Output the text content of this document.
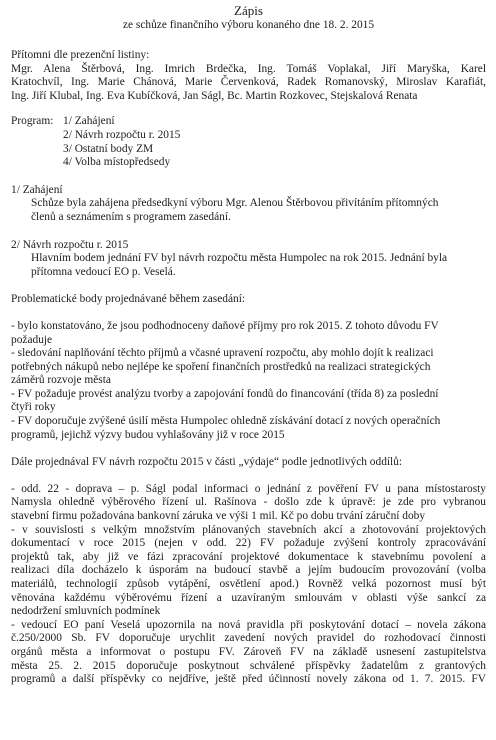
Zápis
ze schůze finančního výboru konaného dne 18. 2. 2015

Přítomni dle prezenční listiny:

Mgr. Alena Štěrbová, Ing. Imrich Brdečka, Ing. Tomáš Voplakal, Jiří Maryška, Karel

Kratochvíl, Ing. Marie Chánová, Marie Červenková, Radek Romanovský, Miroslav Karafiát,

Ing. Jiří Klubal, Ing. Eva Kubíčková, Jan Ságl, Bc. Martin Rozkovec, Stejskalová Renata

Program: 1/ Zahájení
2/ Návrh rozpočtu r. 2015
3/ Ostatní body ZM
4/ Volba místopředsedy

1/ Zahájení

Schůze byla zahájena předsedkyní výboru Mgr. Alenou Štěrbovou přivítáním přítomných

členů a seznámením s programem zasedání.

2/ Návrh rozpočtu r. 2015

Hlavním bodem jednání FV byl návrh rozpočtu města Humpolec na rok 2015. Jednání byla

přítomna vedoucí EO p. Veselá.

Problematické body projednávané během zasedání:

- bylo konstatováno, že jsou podhodnoceny daňové příjmy pro rok 2015. Z tohoto důvodu FV

požaduje

- sledování naplňování těchto příjmů a včasné upravení rozpočtu, aby mohlo dojít k realizaci

potřebných nákupů nebo nejlépe ke spoření finančních prostředků na realizaci strategických

záměrů rozvoje města

- FV požaduje provést analýzu tvorby a zapojování fondů do financování (třída 8) za poslední

čtyři roky

- FV doporučuje zvýšené úsilí města Humpolec ohledně získávání dotací z nových operačních

programů, jejichž výzvy budou vyhlašovány již v roce 2015

Dále projednával FV návrh rozpočtu 2015 v části „výdaje“ podle jednotlivých oddílů:

- odd. 22 - doprava – p. Ságl podal informaci o jednání z pověření FV u pana místostarosty

Namysla ohledně výběrového řízení ul. Rašínova - došlo zde k úpravě: je zde pro vybranou

stavební firmu požadována bankovní záruka ve výši 1 mil. Kč po dobu trvání záruční doby

- v souvislosti s velkým množstvím plánovaných stavebních akcí a zhotovování projektových

dokumentací v roce 2015 (nejen v odd. 22) FV požaduje zvýšení kontroly zpracovávání

projektů tak, aby již ve fázi zpracování projektové dokumentace k stavebnímu povolení a

realizaci díla docházelo k úsporám na budoucí stavbě a jejím budoucím provozování (volba

materiálů, technologií způsob vytápění, osvětlení apod.) Rovněž velká pozornost musí být

věnována každému výběrovému řízení a uzavíraným smlouvám v oblasti výše sankcí za

nedodržení smluvních podmínek

- vedoucí EO paní Veselá upozornila na nová pravidla při poskytování dotací – novela zákona

č.250/2000 Sb. FV doporučuje urychlit zavedení nových pravidel do rozhodovací činnosti

orgánů města a informovat o postupu FV. Zároveň FV na základě usnesení zastupitelstva

města 25. 2. 2015 doporučuje poskytnout schválené příspěvky žadatelům z grantových

programů a další příspěvky co nejdříve, ještě před účinností novely zákona od 1. 7. 2015. FV
